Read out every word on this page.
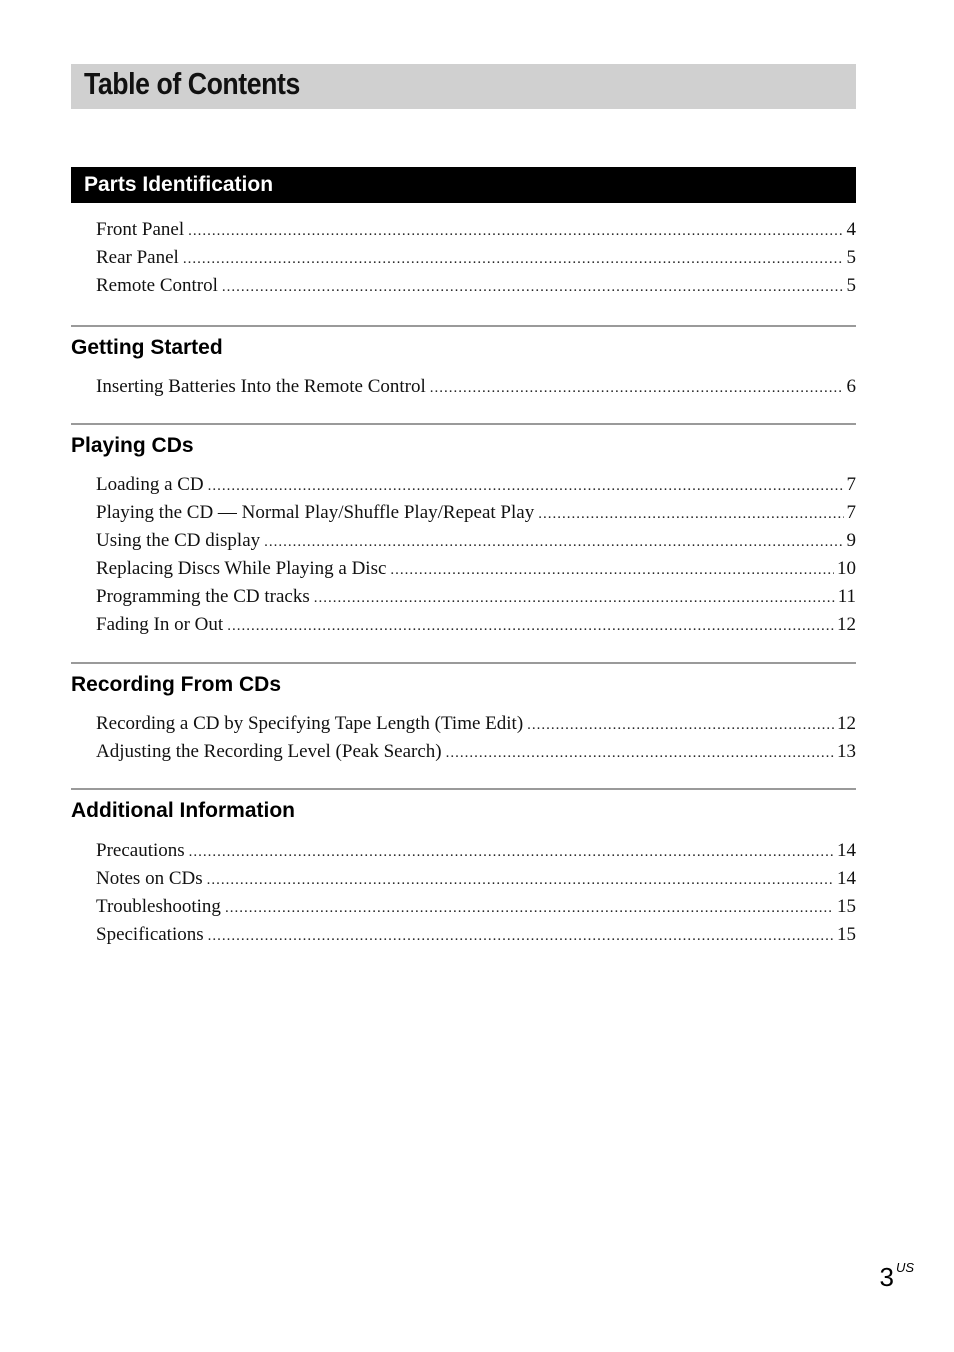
Table of Contents
Parts Identification
Front Panel .....	4
Rear Panel .....	5
Remote Control .....	5
Getting Started
Inserting Batteries Into the Remote Control .....	6
Playing CDs
Loading a CD .....	7
Playing the CD — Normal Play/Shuffle Play/Repeat Play .....	7
Using the CD display .....	9
Replacing Discs While Playing a Disc .....	10
Programming the CD tracks .....	11
Fading In or Out .....	12
Recording From CDs
Recording a CD by Specifying Tape Length (Time Edit) .....	12
Adjusting the Recording Level (Peak Search) .....	13
Additional Information
Precautions .....	14
Notes on CDs .....	14
Troubleshooting .....	15
Specifications .....	15
3 $^{US}$
